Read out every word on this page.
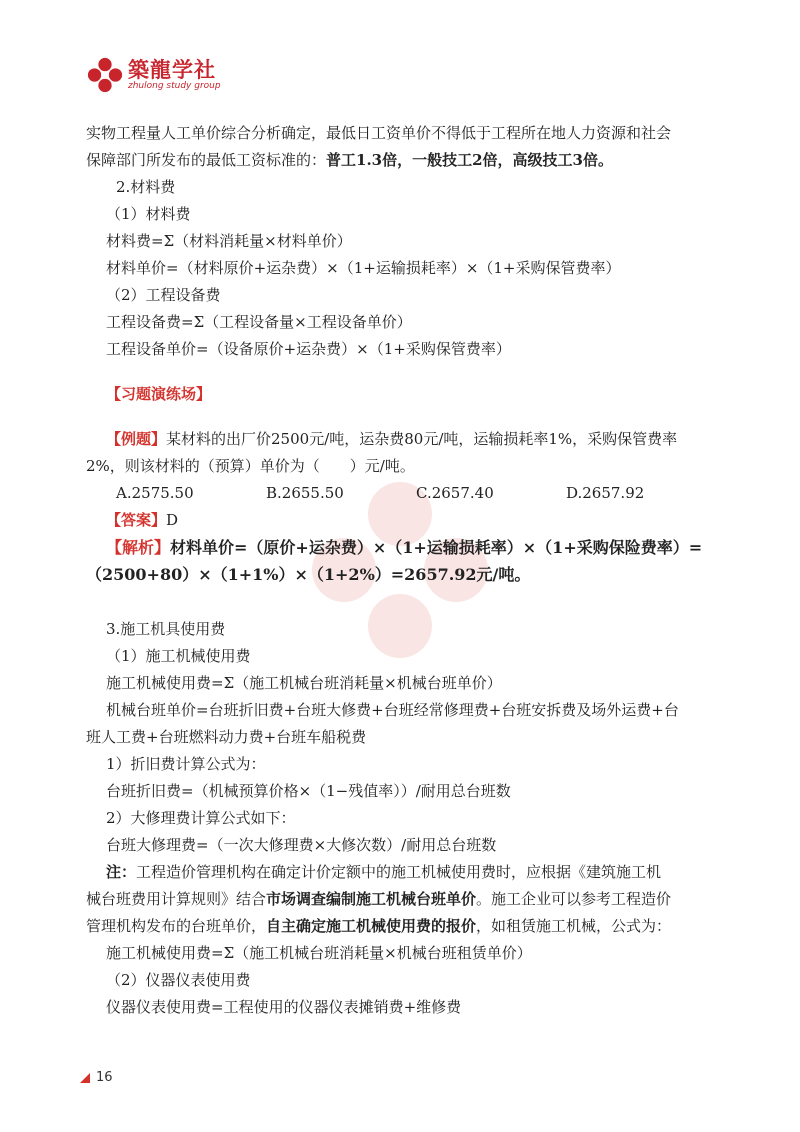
築龍学社
zhulong study group
实物工程量人工单价综合分析确定，最低日工资单价不得低于工程所在地人力资源和社会
保障部门所发布的最低工资标准的：普工1.3倍，一般技工2倍，高级技工3倍。
2.材料费
（1）材料费
材料费=Σ（材料消耗量×材料单价）
材料单价=（材料原价+运杂费）×（1+运输损耗率）×（1+采购保管费率）
（2）工程设备费
工程设备费=Σ（工程设备量×工程设备单价）
工程设备单价=（设备原价+运杂费）×（1+采购保管费率）
【习题演练场】
【例题】某材料的出厂价2500元/吨，运杂费80元/吨，运输损耗率1%，采购保管费率
2%，则该材料的（预算）单价为（　　）元/吨。
A.2575.50	B.2655.50	C.2657.40	D.2657.92
【答案】D
【解析】材料单价=（原价+运杂费）×（1+运输损耗率）×（1+采购保险费率）=
（2500+80）×（1+1%）×（1+2%）=2657.92元/吨。
3.施工机具使用费
（1）施工机械使用费
施工机械使用费=Σ（施工机械台班消耗量×机械台班单价）
机械台班单价=台班折旧费+台班大修费+台班经常修理费+台班安拆费及场外运费+台
班人工费+台班燃料动力费+台班车船税费
1）折旧费计算公式为：
台班折旧费=（机械预算价格×（1−残值率））/耐用总台班数
2）大修理费计算公式如下：
台班大修理费=（一次大修理费×大修次数）/耐用总台班数
注：工程造价管理机构在确定计价定额中的施工机械使用费时，应根据《建筑施工机
械台班费用计算规则》结合市场调查编制施工机械台班单价。施工企业可以参考工程造价
管理机构发布的台班单价，自主确定施工机械使用费的报价，如租赁施工机械，公式为：
施工机械使用费=Σ（施工机械台班消耗量×机械台班租赁单价）
（2）仪器仪表使用费
仪器仪表使用费=工程使用的仪器仪表摊销费+维修费
16
